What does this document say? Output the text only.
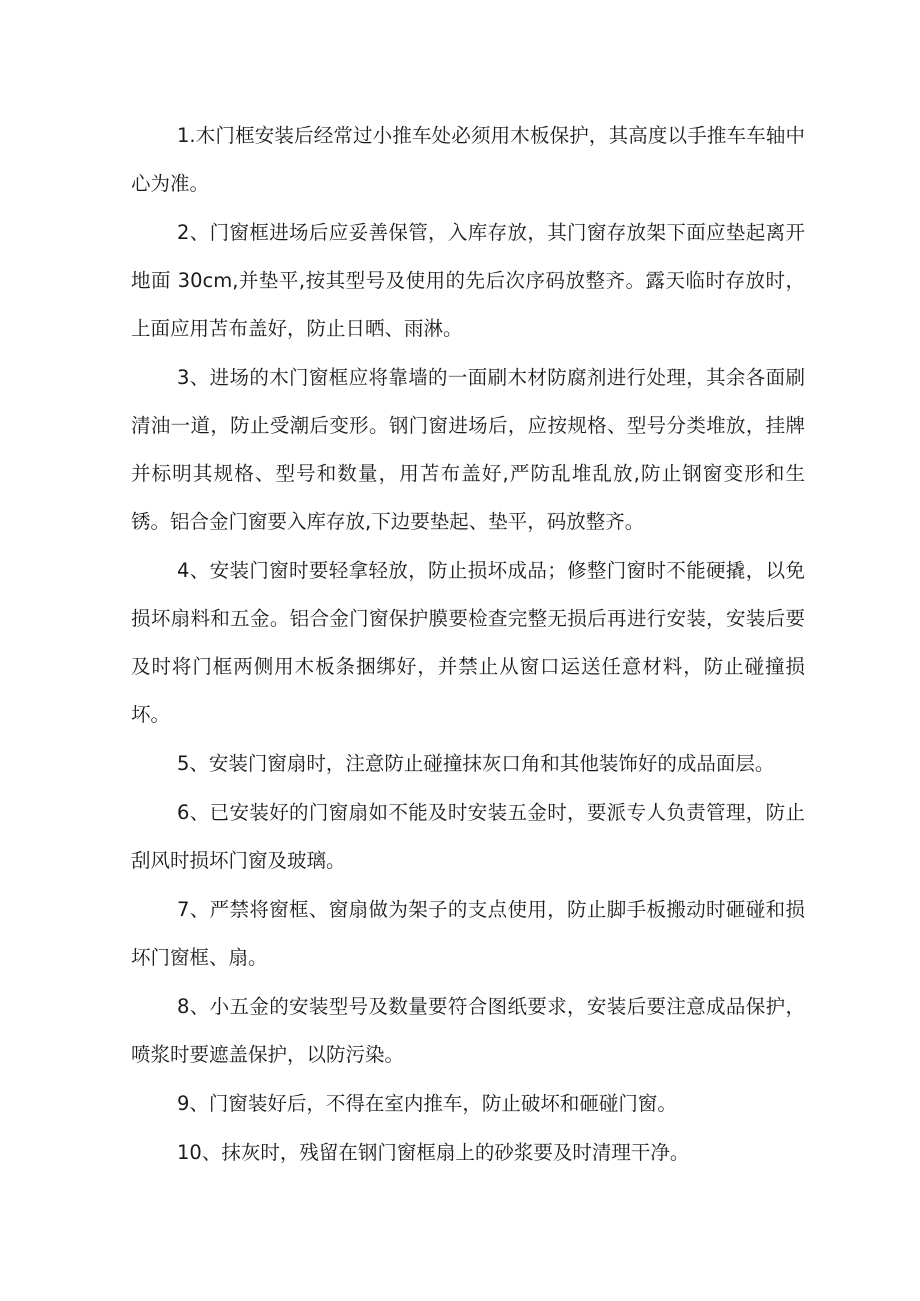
1.木门框安装后经常过小推车处必须用木板保护，其高度以手推车车轴中心为准。

2、门窗框进场后应妥善保管，入库存放，其门窗存放架下面应垫起离开地面 30cm,并垫平,按其型号及使用的先后次序码放整齐。露天临时存放时，上面应用苫布盖好，防止日晒、雨淋。

3、进场的木门窗框应将靠墙的一面刷木材防腐剂进行处理，其余各面刷清油一道，防止受潮后变形。钢门窗进场后，应按规格、型号分类堆放，挂牌并标明其规格、型号和数量，用苫布盖好,严防乱堆乱放,防止钢窗变形和生锈。铝合金门窗要入库存放,下边要垫起、垫平，码放整齐。

4、安装门窗时要轻拿轻放，防止损坏成品；修整门窗时不能硬撬，以免损坏扇料和五金。铝合金门窗保护膜要检查完整无损后再进行安装，安装后要及时将门框两侧用木板条捆绑好，并禁止从窗口运送任意材料，防止碰撞损坏。

5、安装门窗扇时，注意防止碰撞抹灰口角和其他装饰好的成品面层。

6、已安装好的门窗扇如不能及时安装五金时，要派专人负责管理，防止刮风时损坏门窗及玻璃。

7、严禁将窗框、窗扇做为架子的支点使用，防止脚手板搬动时砸碰和损坏门窗框、扇。

8、小五金的安装型号及数量要符合图纸要求，安装后要注意成品保护，喷浆时要遮盖保护，以防污染。

9、门窗装好后，不得在室内推车，防止破坏和砸碰门窗。

10、抹灰时，残留在钢门窗框扇上的砂浆要及时清理干净。
